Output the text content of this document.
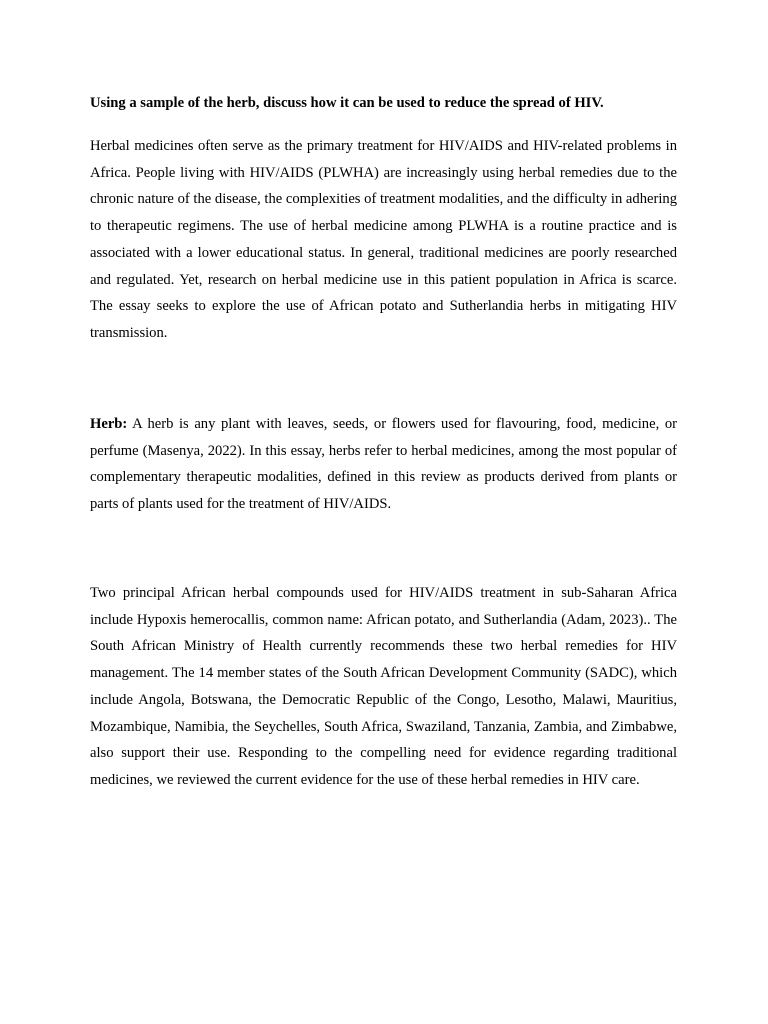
Using a sample of the herb, discuss how it can be used to reduce the spread of HIV.

Herbal medicines often serve as the primary treatment for HIV/AIDS and HIV-related problems in Africa. People living with HIV/AIDS (PLWHA) are increasingly using herbal remedies due to the chronic nature of the disease, the complexities of treatment modalities, and the difficulty in adhering to therapeutic regimens. The use of herbal medicine among PLWHA is a routine practice and is associated with a lower educational status. In general, traditional medicines are poorly researched and regulated. Yet, research on herbal medicine use in this patient population in Africa is scarce. The essay seeks to explore the use of African potato and Sutherlandia herbs in mitigating HIV transmission.

Herb: A herb is any plant with leaves, seeds, or flowers used for flavouring, food, medicine, or perfume (Masenya, 2022). In this essay, herbs refer to herbal medicines, among the most popular of complementary therapeutic modalities, defined in this review as products derived from plants or parts of plants used for the treatment of HIV/AIDS.

Two principal African herbal compounds used for HIV/AIDS treatment in sub-Saharan Africa include Hypoxis hemerocallis, common name: African potato, and Sutherlandia (Adam, 2023).. The South African Ministry of Health currently recommends these two herbal remedies for HIV management. The 14 member states of the South African Development Community (SADC), which include Angola, Botswana, the Democratic Republic of the Congo, Lesotho, Malawi, Mauritius, Mozambique, Namibia, the Seychelles, South Africa, Swaziland, Tanzania, Zambia, and Zimbabwe, also support their use. Responding to the compelling need for evidence regarding traditional medicines, we reviewed the current evidence for the use of these herbal remedies in HIV care.
